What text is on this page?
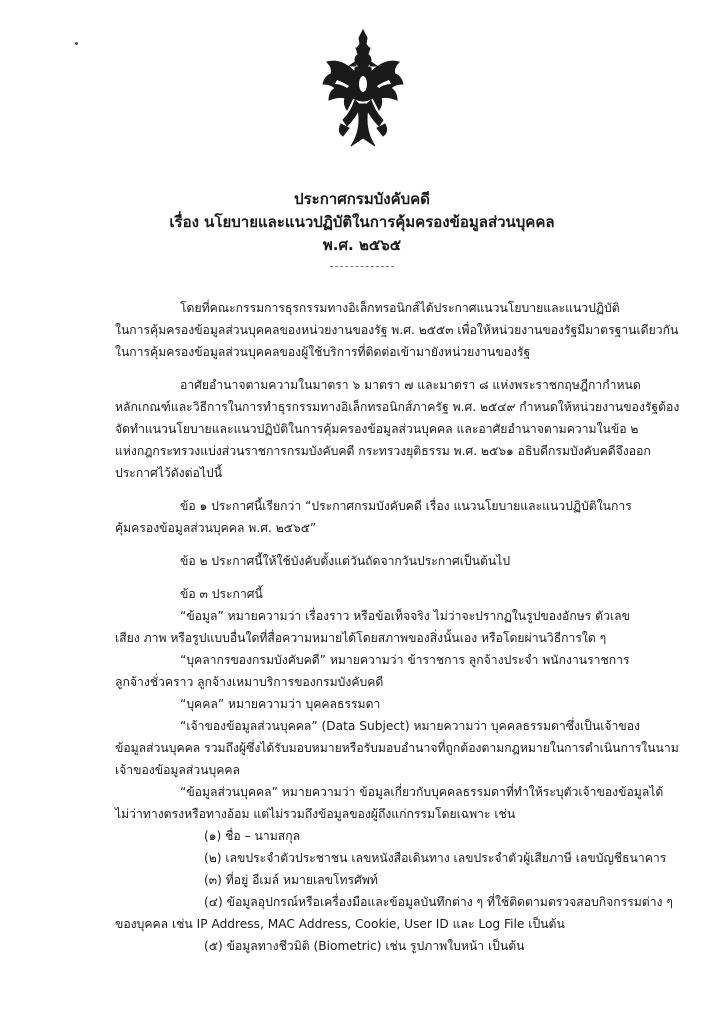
ประกาศกรมบังคับคดี
เรื่อง นโยบายและแนวปฏิบัติในการคุ้มครองข้อมูลส่วนบุคคล
พ.ศ. ๒๕๖๕
โดยที่คณะกรรมการธุรกรรมทางอิเล็กทรอนิกส์ได้ประกาศแนวนโยบายและแนวปฏิบัติ
ในการคุ้มครองข้อมูลส่วนบุคคลของหน่วยงานของรัฐ พ.ศ. ๒๕๕๓ เพื่อให้หน่วยงานของรัฐมีมาตรฐานเดียวกัน
ในการคุ้มครองข้อมูลส่วนบุคคลของผู้ใช้บริการที่ติดต่อเข้ามายังหน่วยงานของรัฐ
อาศัยอำนาจตามความในมาตรา ๖ มาตรา ๗ และมาตรา ๘ แห่งพระราชกฤษฎีกากำหนด
หลักเกณฑ์และวิธีการในการทำธุรกรรมทางอิเล็กทรอนิกส์ภาครัฐ พ.ศ. ๒๕๔๙ กำหนดให้หน่วยงานของรัฐต้อง
จัดทำแนวนโยบายและแนวปฏิบัติในการคุ้มครองข้อมูลส่วนบุคคล และอาศัยอำนาจตามความในข้อ ๒
แห่งกฎกระทรวงแบ่งส่วนราชการกรมบังคับคดี กระทรวงยุติธรรม พ.ศ. ๒๕๖๑ อธิบดีกรมบังคับคดีจึงออก
ประกาศไว้ดังต่อไปนี้
ข้อ ๑ ประกาศนี้เรียกว่า “ประกาศกรมบังคับคดี เรื่อง แนวนโยบายและแนวปฏิบัติในการ
คุ้มครองข้อมูลส่วนบุคคล พ.ศ. ๒๕๖๕”
ข้อ ๒ ประกาศนี้ให้ใช้บังคับตั้งแต่วันถัดจากวันประกาศเป็นต้นไป
ข้อ ๓ ประกาศนี้
“ข้อมูล” หมายความว่า เรื่องราว หรือข้อเท็จจริง ไม่ว่าจะปรากฏในรูปของอักษร ตัวเลข
เสียง ภาพ หรือรูปแบบอื่นใดที่สื่อความหมายได้โดยสภาพของสิ่งนั้นเอง หรือโดยผ่านวิธีการใด ๆ
“บุคลากรของกรมบังคับคดี” หมายความว่า ข้าราชการ ลูกจ้างประจำ พนักงานราชการ
ลูกจ้างชั่วคราว ลูกจ้างเหมาบริการของกรมบังคับคดี
“บุคคล” หมายความว่า บุคคลธรรมดา
“เจ้าของข้อมูลส่วนบุคคล” (Data Subject) หมายความว่า บุคคลธรรมดาซึ่งเป็นเจ้าของ
ข้อมูลส่วนบุคคล รวมถึงผู้ซึ่งได้รับมอบหมายหรือรับมอบอำนาจที่ถูกต้องตามกฎหมายในการดำเนินการในนาม
เจ้าของข้อมูลส่วนบุคคล
“ข้อมูลส่วนบุคคล” หมายความว่า ข้อมูลเกี่ยวกับบุคคลธรรมดาที่ทำให้ระบุตัวเจ้าของข้อมูลได้
ไม่ว่าทางตรงหรือทางอ้อม แต่ไม่รวมถึงข้อมูลของผู้ถึงแก่กรรมโดยเฉพาะ เช่น
(๑) ชื่อ – นามสกุล
(๒) เลขประจำตัวประชาชน เลขหนังสือเดินทาง เลขประจำตัวผู้เสียภาษี เลขบัญชีธนาคาร
(๓) ที่อยู่ อีเมล์ หมายเลขโทรศัพท์
(๔) ข้อมูลอุปกรณ์หรือเครื่องมือและข้อมูลบันทึกต่าง ๆ ที่ใช้ติดตามตรวจสอบกิจกรรมต่าง ๆ
ของบุคคล เช่น IP Address, MAC Address, Cookie, User ID และ Log File เป็นต้น
(๕) ข้อมูลทางชีวมิติ (Biometric) เช่น รูปภาพใบหน้า เป็นต้น
